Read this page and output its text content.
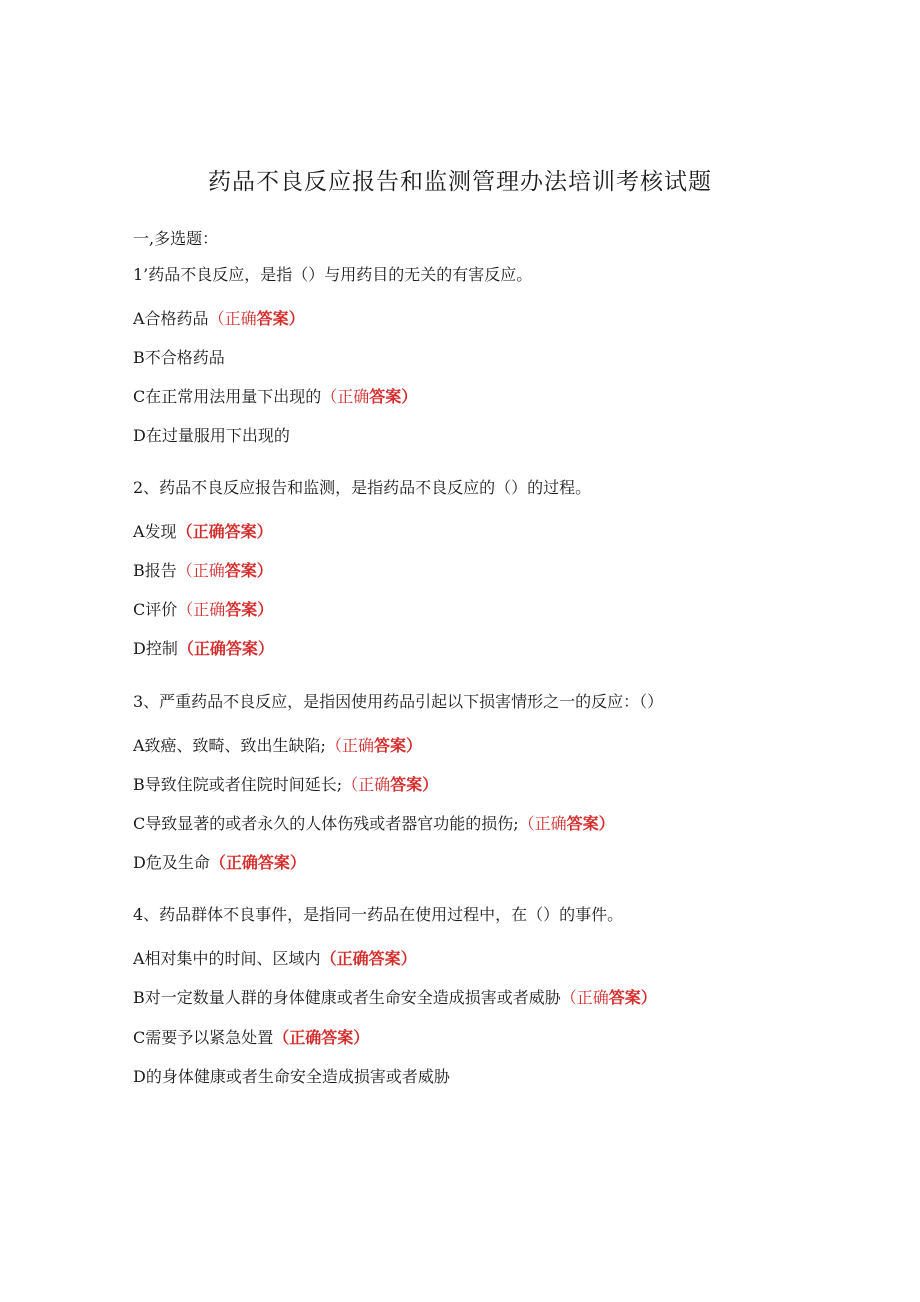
药品不良反应报告和监测管理办法培训考核试题
一,多选题：
1’药品不良反应，是指（）与用药目的无关的有害反应。
A合格药品（正确答案）
B不合格药品
C在正常用法用量下出现的（正确答案）
D在过量服用下出现的
2、药品不良反应报告和监测，是指药品不良反应的（）的过程。
A发现（正确答案）
B报告（正确答案）
C评价（正确答案）
D控制（正确答案）
3、严重药品不良反应，是指因使用药品引起以下损害情形之一的反应：（）
A致癌、致畸、致出生缺陷;（正确答案）
B导致住院或者住院时间延长;（正确答案）
C导致显著的或者永久的人体伤残或者器官功能的损伤;（正确答案）
D危及生命（正确答案）
4、药品群体不良事件，是指同一药品在使用过程中，在（）的事件。
A相对集中的时间、区域内（正确答案）
B对一定数量人群的身体健康或者生命安全造成损害或者威胁（正确答案）
C需要予以紧急处置（正确答案）
D的身体健康或者生命安全造成损害或者威胁
